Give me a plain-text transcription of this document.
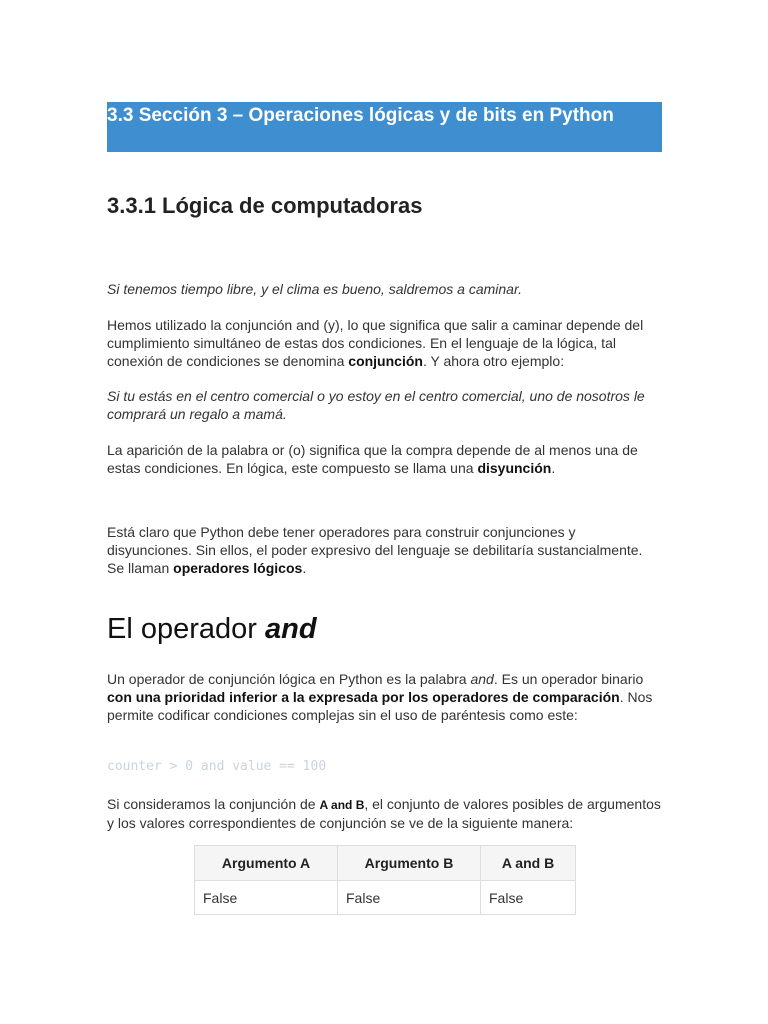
3.3 Sección 3 – Operaciones lógicas y de bits en Python
3.3.1 Lógica de computadoras

Si tenemos tiempo libre, y el clima es bueno, saldremos a caminar.

Hemos utilizado la conjunción and (y), lo que significa que salir a caminar depende del cumplimiento simultáneo de estas dos condiciones. En el lenguaje de la lógica, tal conexión de condiciones se denomina conjunción. Y ahora otro ejemplo:

Si tu estás en el centro comercial o yo estoy en el centro comercial, uno de nosotros le comprará un regalo a mamá.

La aparición de la palabra or (o) significa que la compra depende de al menos una de estas condiciones. En lógica, este compuesto se llama una disyunción.

Está claro que Python debe tener operadores para construir conjunciones y disyunciones. Sin ellos, el poder expresivo del lenguaje se debilitaría sustancialmente. Se llaman operadores lógicos.

El operador and

Un operador de conjunción lógica en Python es la palabra and. Es un operador binario con una prioridad inferior a la expresada por los operadores de comparación. Nos permite codificar condiciones complejas sin el uso de paréntesis como este:

counter > 0 and value == 100

Si consideramos la conjunción de A and B, el conjunto de valores posibles de argumentos y los valores correspondientes de conjunción se ve de la siguiente manera:

Argumento A	Argumento B	A and B
False	False	False
